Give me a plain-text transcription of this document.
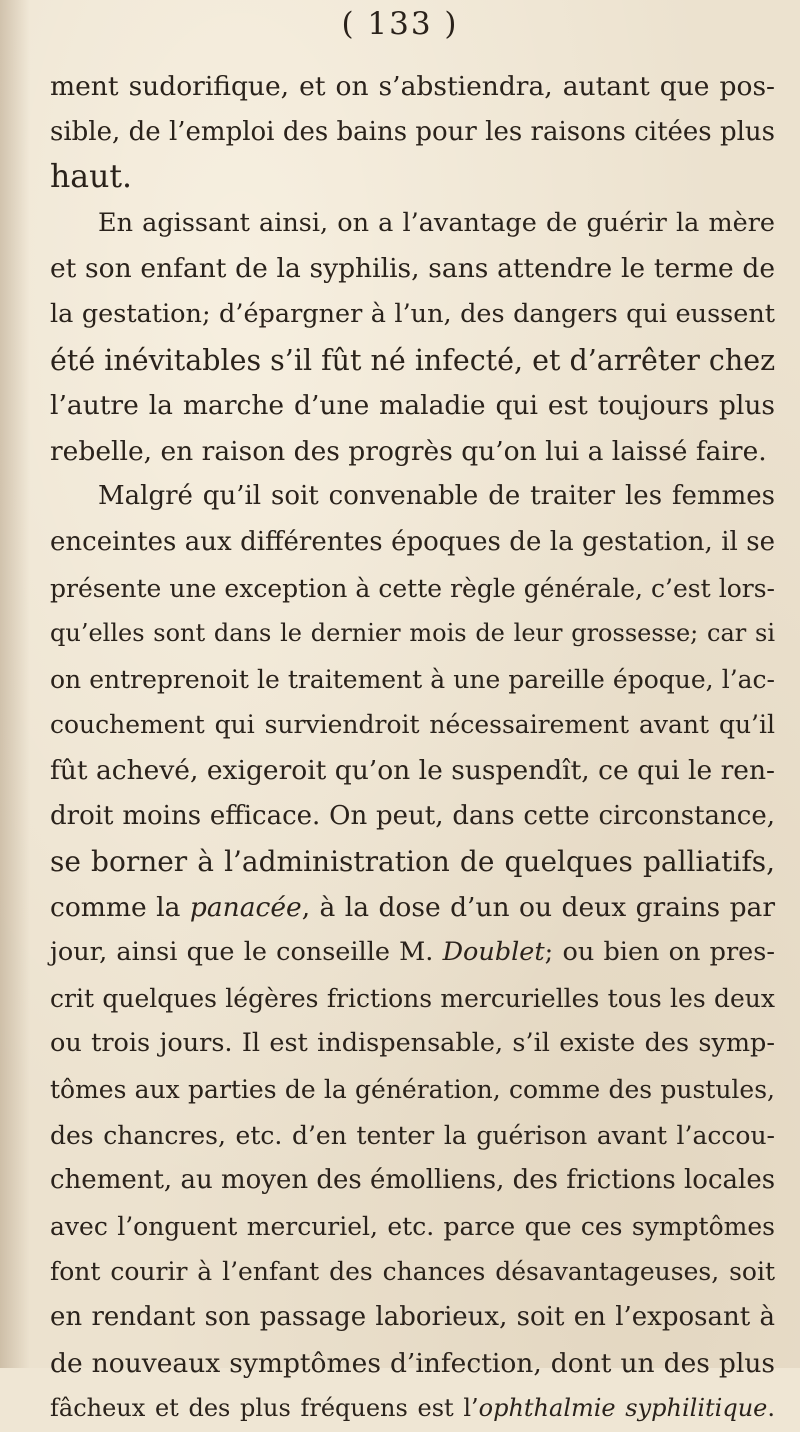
( 133 )
ment sudorifique, et on s’abstiendra, autant que pos-
sible, de l’emploi des bains pour les raisons citées plus
haut.
En agissant ainsi, on a l’avantage de guérir la mère
et son enfant de la syphilis, sans attendre le terme de
la gestation; d’épargner à l’un, des dangers qui eussent
été inévitables s’il fût né infecté, et d’arrêter chez
l’autre la marche d’une maladie qui est toujours plus
rebelle, en raison des progrès qu’on lui a laissé faire.
Malgré qu’il soit convenable de traiter les femmes
enceintes aux différentes époques de la gestation, il se
présente une exception à cette règle générale, c’est lors-
qu’elles sont dans le dernier mois de leur grossesse; car si
on entreprenoit le traitement à une pareille époque, l’ac-
couchement qui surviendroit nécessairement avant qu’il
fût achevé, exigeroit qu’on le suspendît, ce qui le ren-
droit moins efficace. On peut, dans cette circonstance,
se borner à l’administration de quelques palliatifs,
comme la panacée, à la dose d’un ou deux grains par
jour, ainsi que le conseille M. Doublet; ou bien on pres-
crit quelques légères frictions mercurielles tous les deux
ou trois jours. Il est indispensable, s’il existe des symp-
tômes aux parties de la génération, comme des pustules,
des chancres, etc. d’en tenter la guérison avant l’accou-
chement, au moyen des émolliens, des frictions locales
avec l’onguent mercuriel, etc. parce que ces symptômes
font courir à l’enfant des chances désavantageuses, soit
en rendant son passage laborieux, soit en l’exposant à
de nouveaux symptômes d’infection, dont un des plus
fâcheux et des plus fréquens est l’ophthalmie syphilitique.
